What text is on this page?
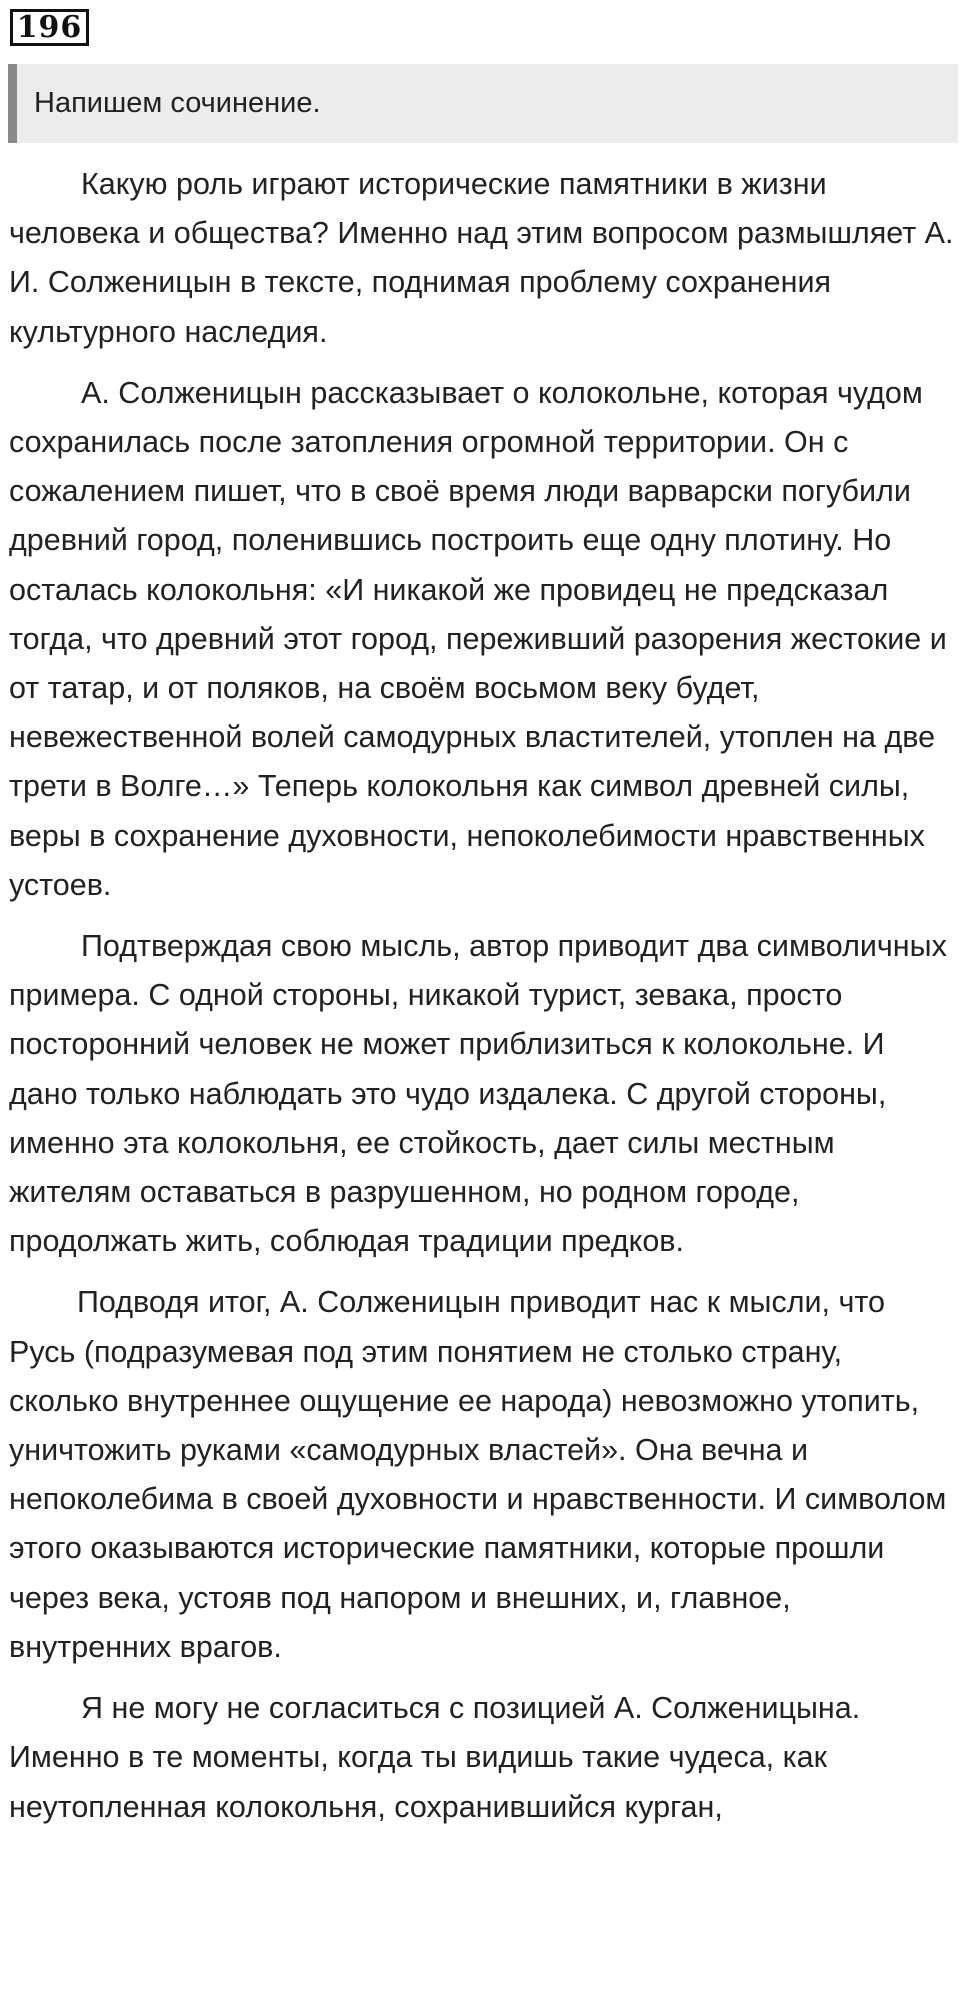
196
Напишем сочинение.

Какую роль играют исторические памятники в жизни человека и общества? Именно над этим вопросом размышляет А. И. Солженицын в тексте, поднимая проблему сохранения культурного наследия.

А. Солженицын рассказывает о колокольне, которая чудом сохранилась после затопления огромной территории. Он с сожалением пишет, что в своё время люди варварски погубили древний город, поленившись построить еще одну плотину. Но осталась колокольня: «И никакой же провидец не предсказал тогда, что древний этот город, переживший разорения жестокие и от татар, и от поляков, на своём восьмом веку будет, невежественной волей самодурных властителей, утоплен на две трети в Волге…» Теперь колокольня как символ древней силы, веры в сохранение духовности, непоколебимости нравственных устоев.

Подтверждая свою мысль, автор приводит два символичных примера. С одной стороны, никакой турист, зевака, просто посторонний человек не может приблизиться к колокольне. И дано только наблюдать это чудо издалека. С другой стороны, именно эта колокольня, ее стойкость, дает силы местным жителям оставаться в разрушенном, но родном городе, продолжать жить, соблюдая традиции предков.

Подводя итог, А. Солженицын приводит нас к мысли, что Русь (подразумевая под этим понятием не столько страну, сколько внутреннее ощущение ее народа) невозможно утопить, уничтожить руками «самодурных властей». Она вечна и непоколебима в своей духовности и нравственности. И символом этого оказываются исторические памятники, которые прошли через века, устояв под напором и внешних, и, главное, внутренних врагов.

Я не могу не согласиться с позицией А. Солженицына. Именно в те моменты, когда ты видишь такие чудеса, как неутопленная колокольня, сохранившийся курган,
